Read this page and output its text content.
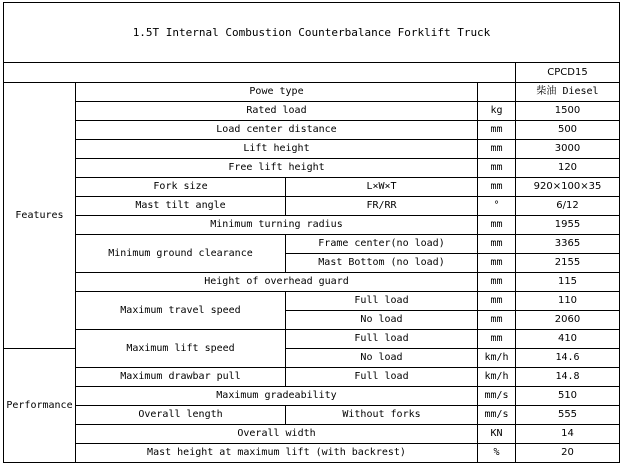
1.5T Internal Combustion Counterbalance Forklift Truck				
				CPCD15
Features	Powe type			柴油 Diesel
	Rated load		kg	1500
	Load center distance		mm	500
	Lift height		mm	3000
	Free lift height		mm	120
	Fork size	L×W×T	mm	920×100×35
	Mast tilt angle	FR/RR	°	6/12
	Minimum turning radius		mm	1955
	Minimum ground clearance	Frame center(no load)	mm	3365
		Mast Bottom (no load)	mm	2155
	Height of overhead guard		mm	115
	Maximum travel speed	Full load	mm	110
		No load	mm	2060
	Maximum lift speed	Full load	mm	410
Performance		No load	km/h	14.6
	Maximum drawbar pull	Full load	km/h	14.8
	Maximum gradeability		mm/s	510
	Overall length	Without forks	mm/s	555
	Overall width		KN	14
	Mast height at maximum lift (with backrest)		%	20
